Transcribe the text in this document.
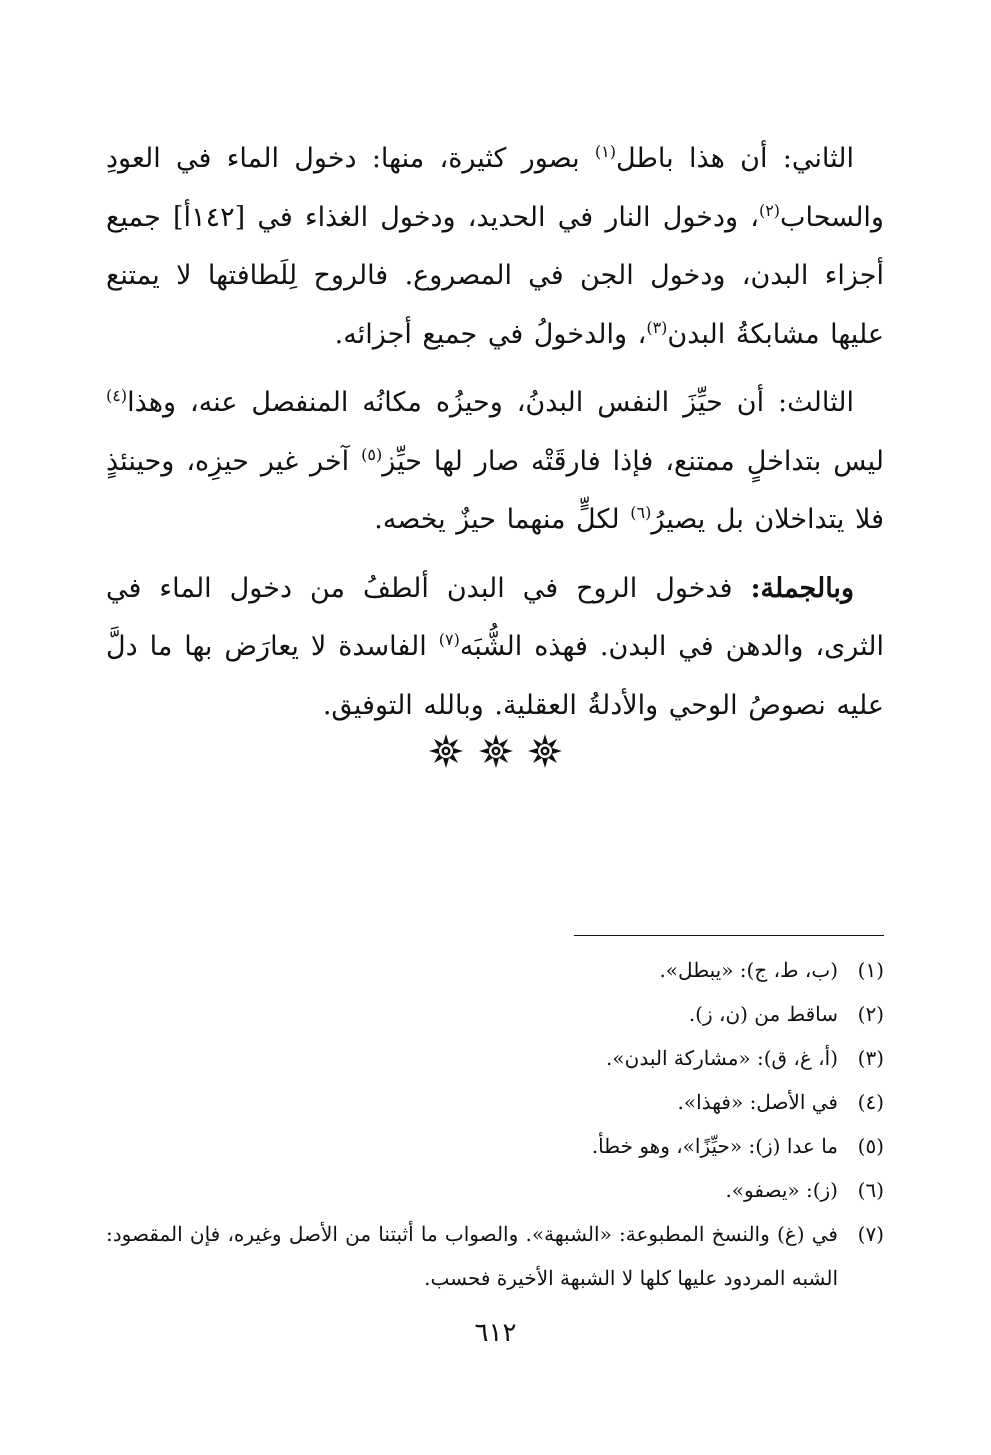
الثاني: أن هذا باطل$^{(١)}$ بصور كثيرة، منها: دخول الماء في العودِ والسحاب$^{(٢)}$، ودخول النار في الحديد، ودخول الغذاء في [١٤٢أ] جميع أجزاء البدن، ودخول الجن في المصروع. فالروح لِلَطافتها لا يمتنع عليها مشابكةُ البدن$^{(٣)}$، والدخولُ في جميع أجزائه.

الثالث: أن حيِّزَ النفس البدنُ، وحيزُه مكانُه المنفصل عنه، وهذا$^{(٤)}$ ليس بتداخلٍ ممتنع، فإذا فارقَتْه صار لها حيِّز$^{(٥)}$ آخر غير حيزِه، وحينئذٍ فلا يتداخلان بل يصيرُ$^{(٦)}$ لكلٍّ منهما حيزٌ يخصه.

وبالجملة: فدخول الروح في البدن ألطفُ من دخول الماء في الثرى، والدهن في البدن. فهذه الشُّبَه$^{(٧)}$ الفاسدة لا يعارَض بها ما دلَّ عليه نصوصُ الوحي والأدلةُ العقلية. وبالله التوفيق.

(١)
(ب، ط، ج): «يبطل».
(٢)
ساقط من (ن، ز).
(٣)
(أ، غ، ق): «مشاركة البدن».
(٤)
في الأصل: «فهذا».
(٥)
ما عدا (ز): «حيِّزًا»، وهو خطأ.
(٦)
(ز): «يصفو».
(٧)
في (غ) والنسخ المطبوعة: «الشبهة». والصواب ما أثبتنا من الأصل وغيره، فإن المقصود: الشبه المردود عليها كلها لا الشبهة الأخيرة فحسب.
٦١٢
